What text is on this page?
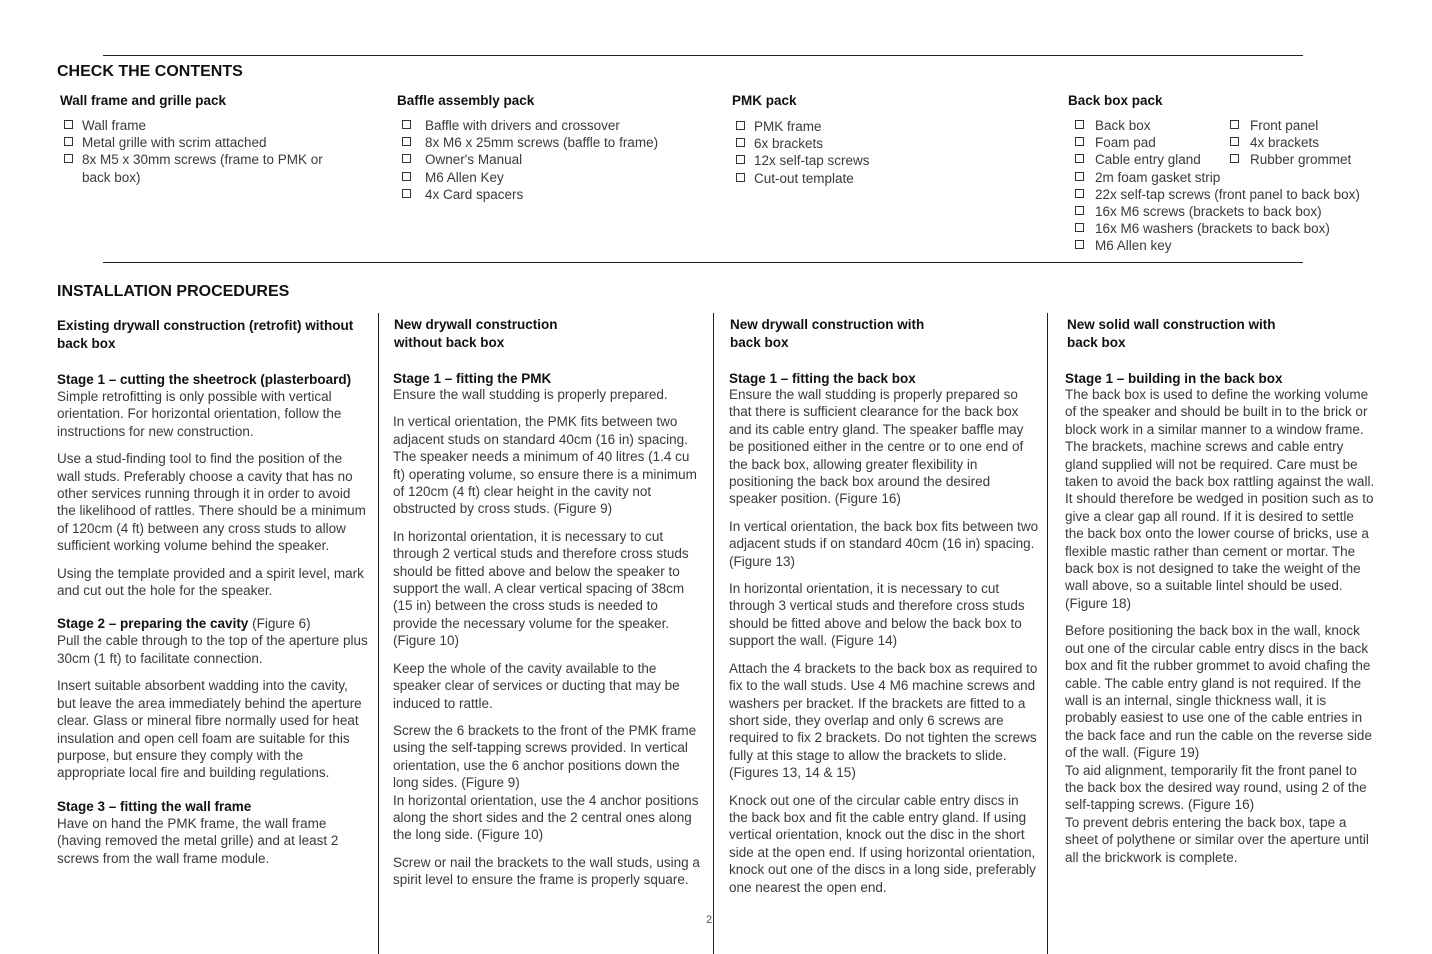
CHECK THE CONTENTS
Wall frame and grille pack
Wall frame
Metal grille with scrim attached
8x M5 x 30mm screws (frame to PMK or back box)
Baffle assembly pack
Baffle with drivers and crossover
8x M6 x 25mm screws (baffle to frame)
Owner's Manual
M6 Allen Key
4x Card spacers
PMK pack
PMK frame
6x brackets
12x self-tap screws
Cut-out template
Back box pack
Back box
Foam pad
Cable entry gland
2m foam gasket strip
22x self-tap screws (front panel to back box)
16x M6 screws (brackets to back box)
16x M6 washers (brackets to back box)
M6 Allen key
Front panel
4x brackets
Rubber grommet
INSTALLATION PROCEDURES
Existing drywall construction (retrofit) without back box
Stage 1 – cutting the sheetrock (plasterboard)

Simple retrofitting is only possible with vertical orientation. For horizontal orientation, follow the instructions for new construction.

Use a stud-finding tool to find the position of the wall studs. Preferably choose a cavity that has no other services running through it in order to avoid the likelihood of rattles. There should be a minimum of 120cm (4 ft) between any cross studs to allow sufficient working volume behind the speaker.

Using the template provided and a spirit level, mark and cut out the hole for the speaker.

Stage 2 – preparing the cavity (Figure 6)

Pull the cable through to the top of the aperture plus 30cm (1 ft) to facilitate connection.

Insert suitable absorbent wadding into the cavity, but leave the area immediately behind the aperture clear. Glass or mineral fibre normally used for heat insulation and open cell foam are suitable for this purpose, but ensure they comply with the appropriate local fire and building regulations.

Stage 3 – fitting the wall frame

Have on hand the PMK frame, the wall frame (having removed the metal grille) and at least 2 screws from the wall frame module.

New drywall construction without back box
Stage 1 – fitting the PMK

Ensure the wall studding is properly prepared.

In vertical orientation, the PMK fits between two adjacent studs on standard 40cm (16 in) spacing. The speaker needs a minimum of 40 litres (1.4 cu ft) operating volume, so ensure there is a minimum of 120cm (4 ft) clear height in the cavity not obstructed by cross studs. (Figure 9)

In horizontal orientation, it is necessary to cut through 2 vertical studs and therefore cross studs should be fitted above and below the speaker to support the wall. A clear vertical spacing of 38cm (15 in) between the cross studs is needed to provide the necessary volume for the speaker. (Figure 10)

Keep the whole of the cavity available to the speaker clear of services or ducting that may be induced to rattle.

Screw the 6 brackets to the front of the PMK frame using the self-tapping screws provided. In vertical orientation, use the 6 anchor positions down the long sides. (Figure 9)

In horizontal orientation, use the 4 anchor positions along the short sides and the 2 central ones along the long side. (Figure 10)

Screw or nail the brackets to the wall studs, using a spirit level to ensure the frame is properly square.

New drywall construction with back box
Stage 1 – fitting the back box

Ensure the wall studding is properly prepared so that there is sufficient clearance for the back box and its cable entry gland. The speaker baffle may be positioned either in the centre or to one end of the back box, allowing greater flexibility in positioning the back box around the desired speaker position. (Figure 16)

In vertical orientation, the back box fits between two adjacent studs if on standard 40cm (16 in) spacing. (Figure 13)

In horizontal orientation, it is necessary to cut through 3 vertical studs and therefore cross studs should be fitted above and below the back box to support the wall. (Figure 14)

Attach the 4 brackets to the back box as required to fix to the wall studs. Use 4 M6 machine screws and washers per bracket. If the brackets are fitted to a short side, they overlap and only 6 screws are required to fix 2 brackets. Do not tighten the screws fully at this stage to allow the brackets to slide. (Figures 13, 14 & 15)

Knock out one of the circular cable entry discs in the back box and fit the cable entry gland. If using vertical orientation, knock out the disc in the short side at the open end. If using horizontal orientation, knock out one of the discs in a long side, preferably one nearest the open end.

New solid wall construction with back box
Stage 1 – building in the back box

The back box is used to define the working volume of the speaker and should be built in to the brick or block work in a similar manner to a window frame. The brackets, machine screws and cable entry gland supplied will not be required. Care must be taken to avoid the back box rattling against the wall. It should therefore be wedged in position such as to give a clear gap all round. If it is desired to settle the back box onto the lower course of bricks, use a flexible mastic rather than cement or mortar. The back box is not designed to take the weight of the wall above, so a suitable lintel should be used. (Figure 18)

Before positioning the back box in the wall, knock out one of the circular cable entry discs in the back box and fit the rubber grommet to avoid chafing the cable. The cable entry gland is not required. If the wall is an internal, single thickness wall, it is probably easiest to use one of the cable entries in the back face and run the cable on the reverse side of the wall. (Figure 19)

To aid alignment, temporarily fit the front panel to the back box the desired way round, using 2 of the self-tapping screws. (Figure 16)

To prevent debris entering the back box, tape a sheet of polythene or similar over the aperture until all the brickwork is complete.

2
